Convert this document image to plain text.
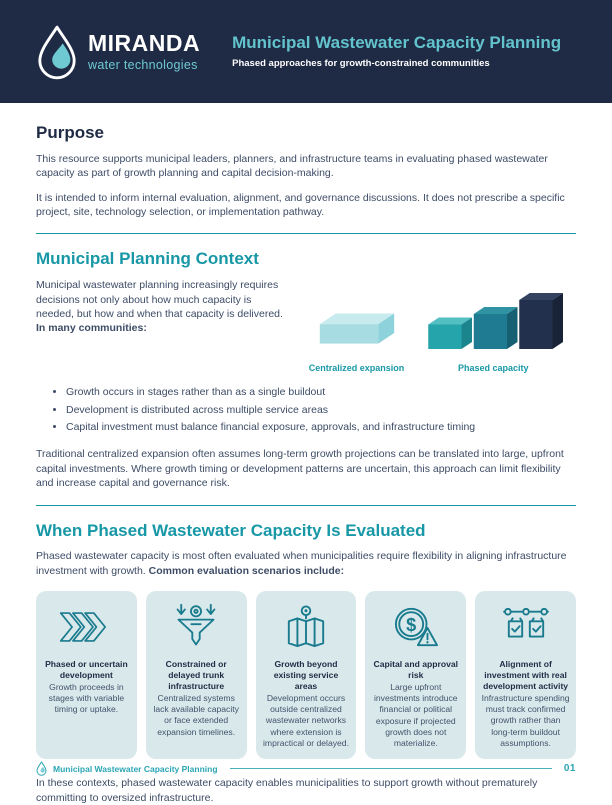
MIRANDA
water technologies
Municipal Wastewater Capacity Planning
Phased approaches for growth-constrained communities
Purpose

This resource supports municipal leaders, planners, and infrastructure teams in evaluating phased wastewater capacity as part of growth planning and capital decision-making.

It is intended to inform internal evaluation, alignment, and governance discussions. It does not prescribe a specific project, site, technology selection, or implementation pathway.

Municipal Planning Context

Municipal wastewater planning increasingly requires decisions not only about how much capacity is needed, but how and when that capacity is delivered. In many communities:

Centralized expansion	Phased capacity
• Growth occurs in stages rather than as a single buildout
• Development is distributed across multiple service areas
• Capital investment must balance financial exposure, approvals, and infrastructure timing

Traditional centralized expansion often assumes long-term growth projections can be translated into large, upfront capital investments. Where growth timing or development patterns are uncertain, this approach can limit flexibility and increase capital and governance risk.

When Phased Wastewater Capacity Is Evaluated

Phased wastewater capacity is most often evaluated when municipalities require flexibility in aligning infrastructure investment with growth. Common evaluation scenarios include:

Phased or uncertain development
Growth proceeds in stages with variable timing or uptake.
Constrained or delayed trunk infrastructure
Centralized systems lack available capacity or face extended expansion timelines.
Growth beyond existing service areas
Development occurs outside centralized wastewater networks where extension is impractical or delayed.
$
Capital and approval risk
Large upfront investments introduce financial or political exposure if projected growth does not materialize.
Alignment of investment with real development activity
Infrastructure spending must track confirmed growth rather than long-term buildout assumptions.

In these contexts, phased wastewater capacity enables municipalities to support growth without prematurely committing to oversized infrastructure.

Municipal Wastewater Capacity Planning	01
